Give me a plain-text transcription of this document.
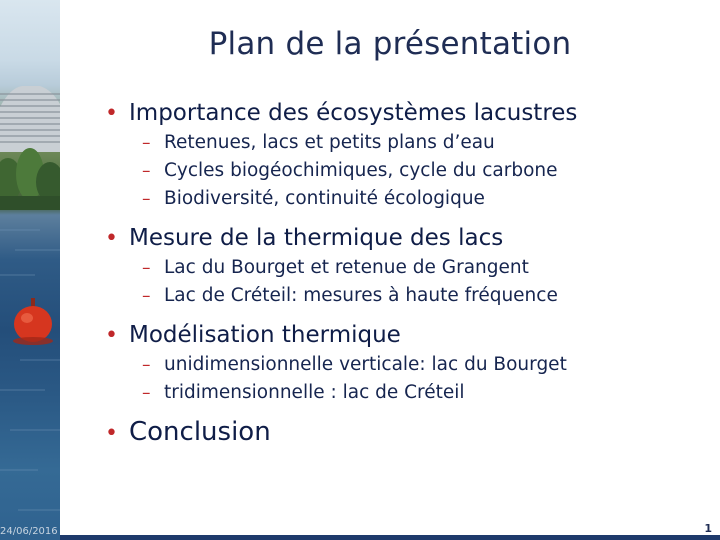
Plan de la présentation
• Importance des écosystèmes lacustres
– Retenues, lacs et petits plans d’eau
– Cycles biogéochimiques, cycle du carbone
– Biodiversité, continuité écologique
• Mesure de la thermique des lacs
– Lac du Bourget et retenue de Grangent
– Lac de Créteil: mesures à haute fréquence
• Modélisation thermique
– unidimensionnelle verticale: lac du Bourget
– tridimensionnelle : lac de Créteil
• Conclusion
24/06/2016	1
